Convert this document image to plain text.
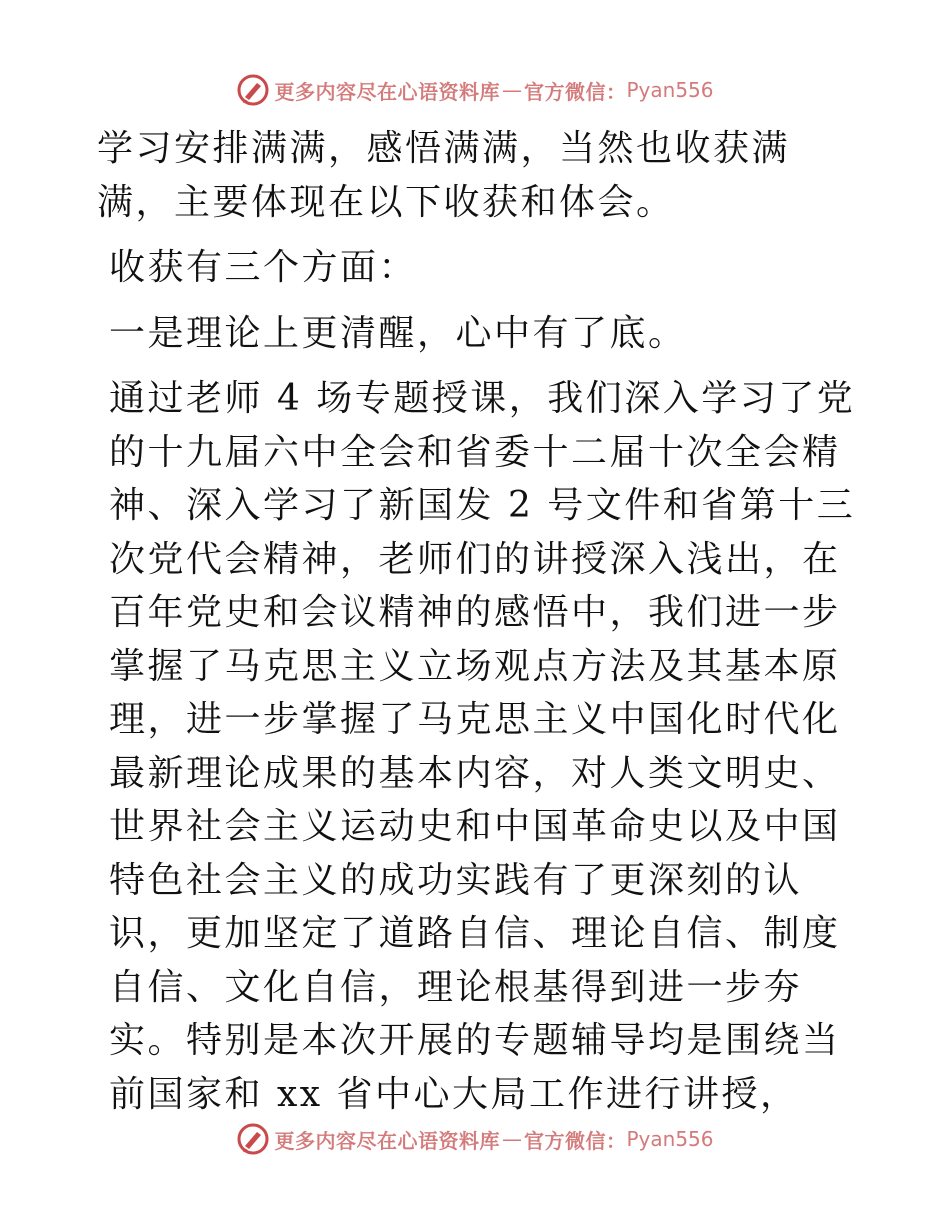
更多内容尽在心语资料库 — 官方微信： Pyan556

学习安排满满，感悟满满，当然也收获满满，主要体现在以下收获和体会。

收获有三个方面：

一是理论上更清醒，心中有了底。

通过老师 4 场专题授课，我们深入学习了党的十九届六中全会和省委十二届十次全会精神、深入学习了新国发 2 号文件和省第十三次党代会精神，老师们的讲授深入浅出，在百年党史和会议精神的感悟中，我们进一步掌握了马克思主义立场观点方法及其基本原理，进一步掌握了马克思主义中国化时代化最新理论成果的基本内容，对人类文明史、世界社会主义运动史和中国革命史以及中国特色社会主义的成功实践有了更深刻的认识，更加坚定了道路自信、理论自信、制度自信、文化自信，理论根基得到进一步夯实。特别是本次开展的专题辅导均是围绕当前国家和 xx 省中心大局工作进行讲授，

更多内容尽在心语资料库 — 官方微信： Pyan556
